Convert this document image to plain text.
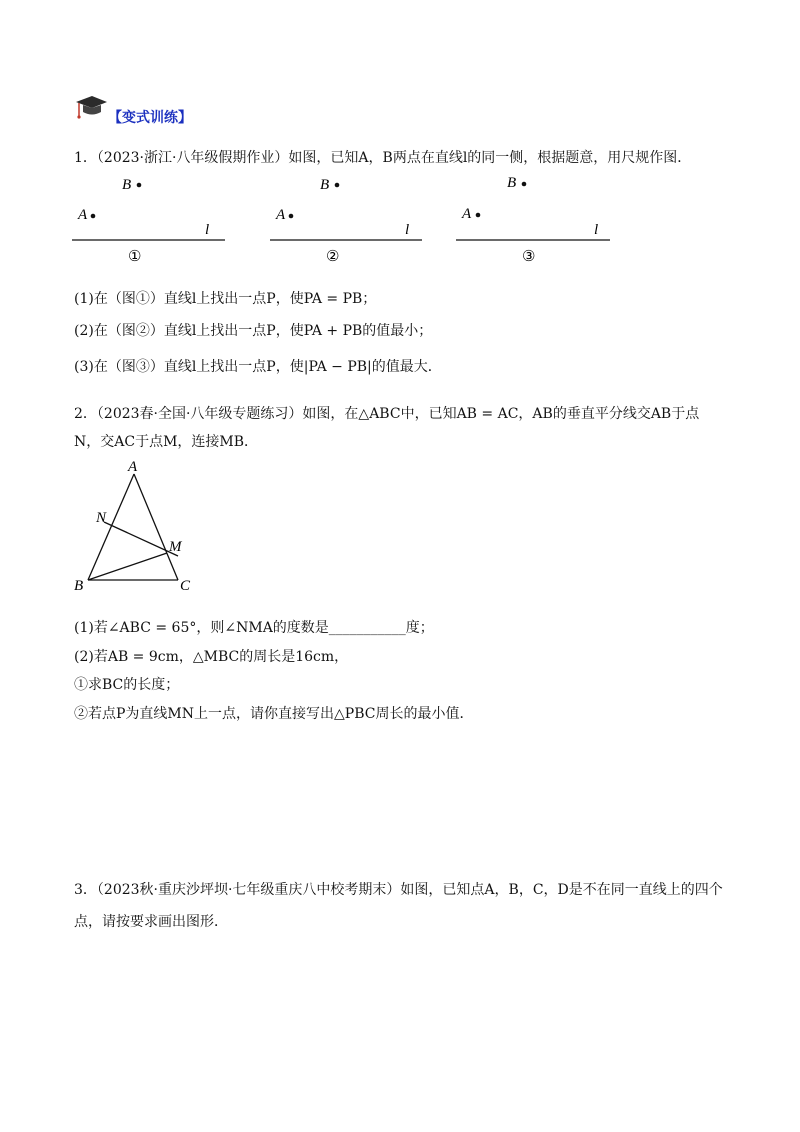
【变式训练】
1．（2023·浙江·八年级假期作业）如图，已知A，B两点在直线l的同一侧，根据题意，用尺规作图．
B
A
l
①
B
A
l
②
B
A
l
③
(1)在（图①）直线l上找出一点P，使PA = PB；
(2)在（图②）直线l上找出一点P，使PA + PB的值最小；
(3)在（图③）直线l上找出一点P，使|PA − PB|的值最大．
2．（2023春·全国·八年级专题练习）如图，在△ABC中，已知AB = AC，AB的垂直平分线交AB于点
N，交AC于点M，连接MB．
A
B	C
M
N
(1)若∠ABC = 65°，则∠NMA的度数是___________度；
(2)若AB = 9cm，△MBC的周长是16cm，
①求BC的长度；
②若点P为直线MN上一点，请你直接写出△PBC周长的最小值．
3．（2023秋·重庆沙坪坝·七年级重庆八中校考期末）如图，已知点A，B，C，D是不在同一直线上的四个
点，请按要求画出图形．
